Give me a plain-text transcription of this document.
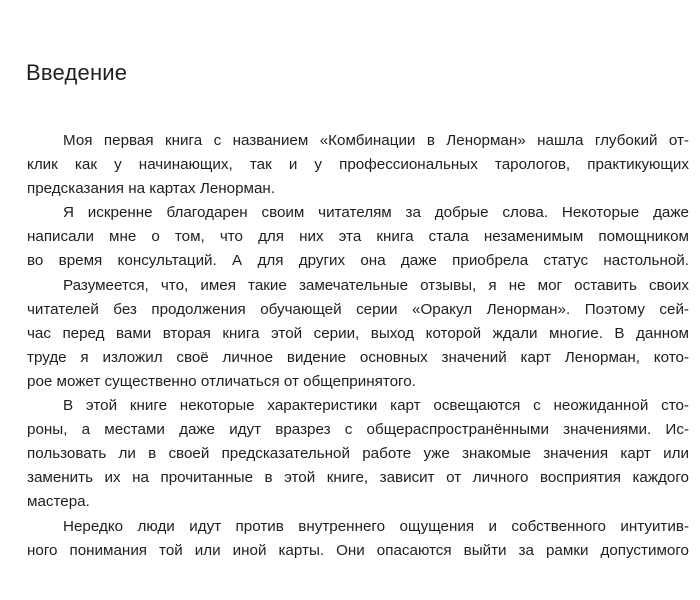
Введение
Моя первая книга с названием «Комбинации в Ленорман» нашла глубокий от-
клик как у начинающих, так и у профессиональных тарологов, практикующих
предсказания на картах Ленорман.
Я искренне благодарен своим читателям за добрые слова. Некоторые даже
написали мне о том, что для них эта книга стала незаменимым помощником
во время консультаций. А для других она даже приобрела статус настольной.
Разумеется, что, имея такие замечательные отзывы, я не мог оставить своих
читателей без продолжения обучающей серии «Оракул Ленорман». Поэтому сей-
час перед вами вторая книга этой серии, выход которой ждали многие. В данном
труде я изложил своё личное видение основных значений карт Ленорман, кото-
рое может существенно отличаться от общепринятого.
В этой книге некоторые характеристики карт освещаются с неожиданной сто-
роны, а местами даже идут вразрез с общераспространёнными значениями. Ис-
пользовать ли в своей предсказательной работе уже знакомые значения карт или
заменить их на прочитанные в этой книге, зависит от личного восприятия каждого
мастера.
Нередко люди идут против внутреннего ощущения и собственного интуитив-
ного понимания той или иной карты. Они опасаются выйти за рамки допустимого
